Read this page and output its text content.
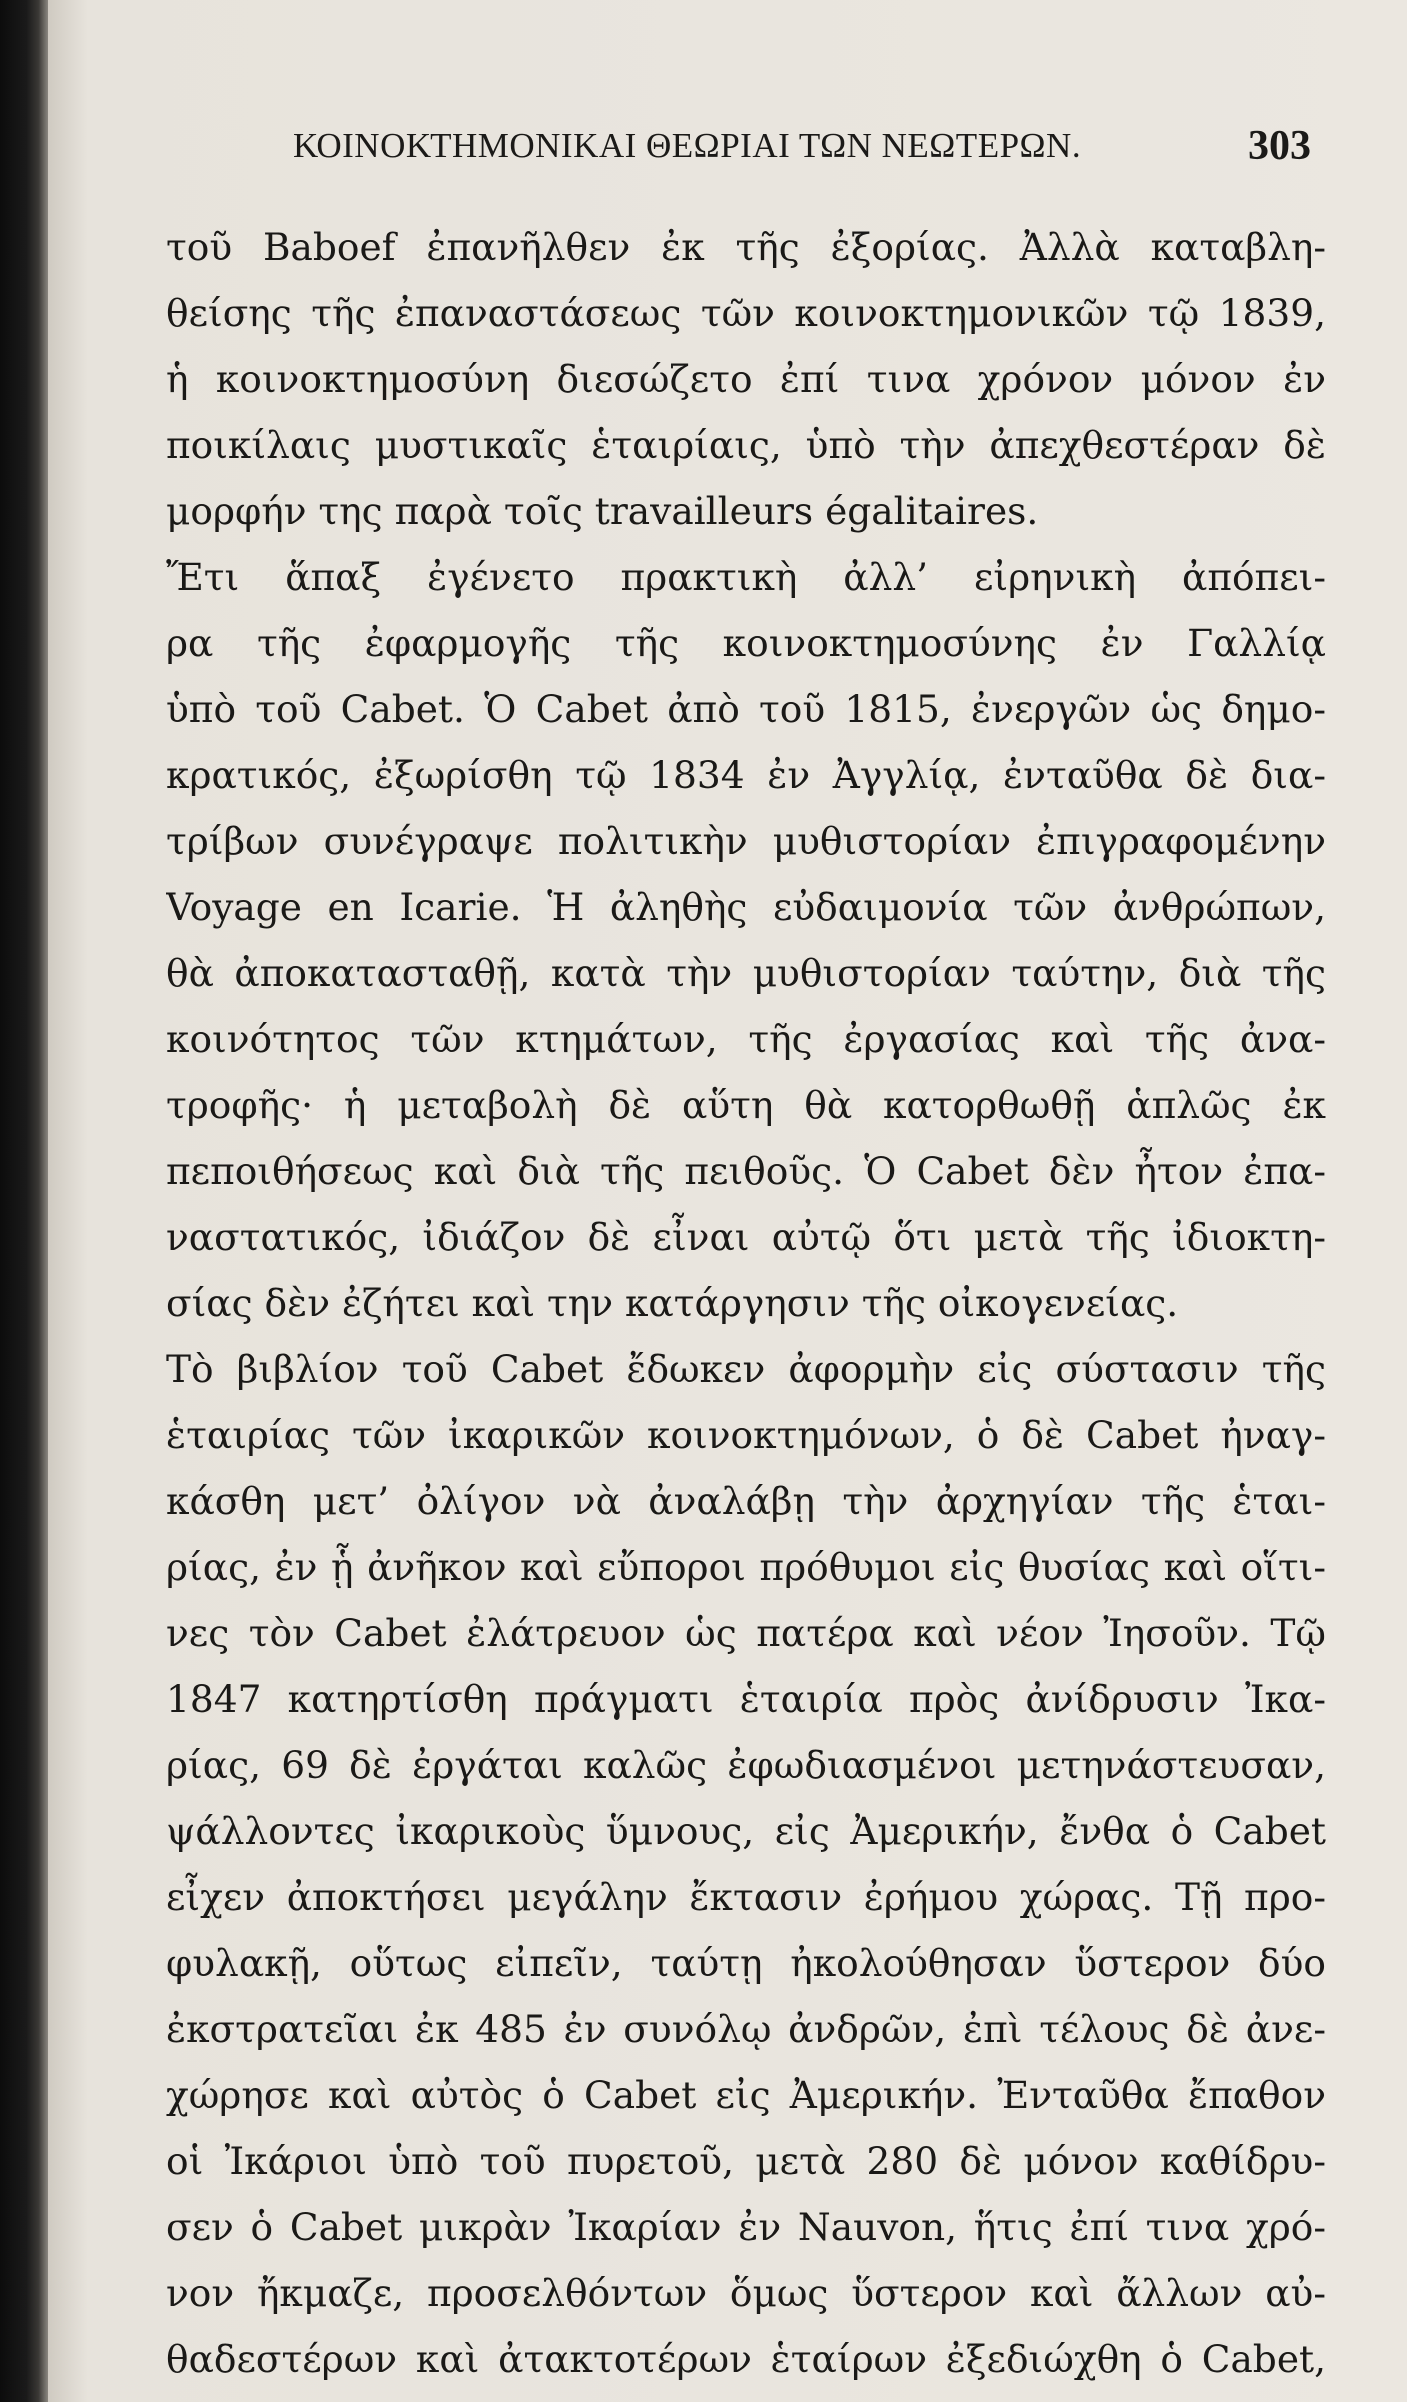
ΚΟΙΝΟΚΤΗΜΟΝΙΚΑΙ ΘΕΩΡΙΑΙ ΤΩΝ ΝΕΩΤΕΡΩΝ.	303
τοῦ Baboef ἐπανῆλθεν ἐκ τῆς ἐξορίας. Ἀλλὰ καταβλη-
θείσης τῆς ἐπαναστάσεως τῶν κοινοκτημονικῶν τῷ 1839,
ἡ κοινοκτημοσύνη διεσώζετο ἐπί τινα χρόνον μόνον ἐν
ποικίλαις μυστικαῖς ἑταιρίαις, ὑπὸ τὴν ἀπεχθεστέραν δὲ
μορφήν της παρὰ τοῖς travailleurs égalitaires.
Ἔτι ἅπαξ ἐγένετο πρακτικὴ ἀλλ’ εἰρηνικὴ ἀπόπει-
ρα τῆς ἐφαρμογῆς τῆς κοινοκτημοσύνης ἐν Γαλλίᾳ
ὑπὸ τοῦ Cabet. Ὁ Cabet ἀπὸ τοῦ 1815, ἐνεργῶν ὡς δημο-
κρατικός, ἐξωρίσθη τῷ 1834 ἐν Ἀγγλίᾳ, ἐνταῦθα δὲ δια-
τρίβων συνέγραψε πολιτικὴν μυθιστορίαν ἐπιγραφομένην
Voyage en Icarie. Ἡ ἀληθὴς εὐδαιμονία τῶν ἀνθρώπων,
θὰ ἀποκατασταθῇ, κατὰ τὴν μυθιστορίαν ταύτην, διὰ τῆς
κοινότητος τῶν κτημάτων, τῆς ἐργασίας καὶ τῆς ἀνα-
τροφῆς· ἡ μεταβολὴ δὲ αὕτη θὰ κατορθωθῇ ἁπλῶς ἐκ
πεποιθήσεως καὶ διὰ τῆς πειθοῦς. Ὁ Cabet δὲν ἦτον ἐπα-
ναστατικός, ἰδιάζον δὲ εἶναι αὐτῷ ὅτι μετὰ τῆς ἰδιοκτη-
σίας δὲν ἐζήτει καὶ την κατάργησιν τῆς οἰκογενείας.
Τὸ βιβλίον τοῦ Cabet ἔδωκεν ἀφορμὴν εἰς σύστασιν τῆς
ἑταιρίας τῶν ἰκαρικῶν κοινοκτημόνων, ὁ δὲ Cabet ἠναγ-
κάσθη μετ’ ὀλίγον νὰ ἀναλάβῃ τὴν ἀρχηγίαν τῆς ἑται-
ρίας, ἐν ᾗ ἀνῆκον καὶ εὔποροι πρόθυμοι εἰς θυσίας καὶ οἵτι-
νες τὸν Cabet ἐλάτρευον ὡς πατέρα καὶ νέον Ἰησοῦν. Τῷ
1847 κατηρτίσθη πράγματι ἑταιρία πρὸς ἀνίδρυσιν Ἰκα-
ρίας, 69 δὲ ἐργάται καλῶς ἐφωδιασμένοι μετηνάστευσαν,
ψάλλοντες ἰκαρικοὺς ὕμνους, εἰς Ἀμερικήν, ἔνθα ὁ Cabet
εἶχεν ἀποκτήσει μεγάλην ἔκτασιν ἐρήμου χώρας. Τῇ προ-
φυλακῇ, οὕτως εἰπεῖν, ταύτῃ ἠκολούθησαν ὕστερον δύο
ἐκστρατεῖαι ἐκ 485 ἐν συνόλῳ ἀνδρῶν, ἐπὶ τέλους δὲ ἀνε-
χώρησε καὶ αὐτὸς ὁ Cabet εἰς Ἀμερικήν. Ἐνταῦθα ἔπαθον
οἱ Ἰκάριοι ὑπὸ τοῦ πυρετοῦ, μετὰ 280 δὲ μόνον καθίδρυ-
σεν ὁ Cabet μικρὰν Ἰκαρίαν ἐν Nauvon, ἥτις ἐπί τινα χρό-
νον ἤκμαζε, προσελθόντων ὅμως ὕστερον καὶ ἄλλων αὐ-
θαδεστέρων καὶ ἀτακτοτέρων ἑταίρων ἐξεδιώχθη ὁ Cabet,
